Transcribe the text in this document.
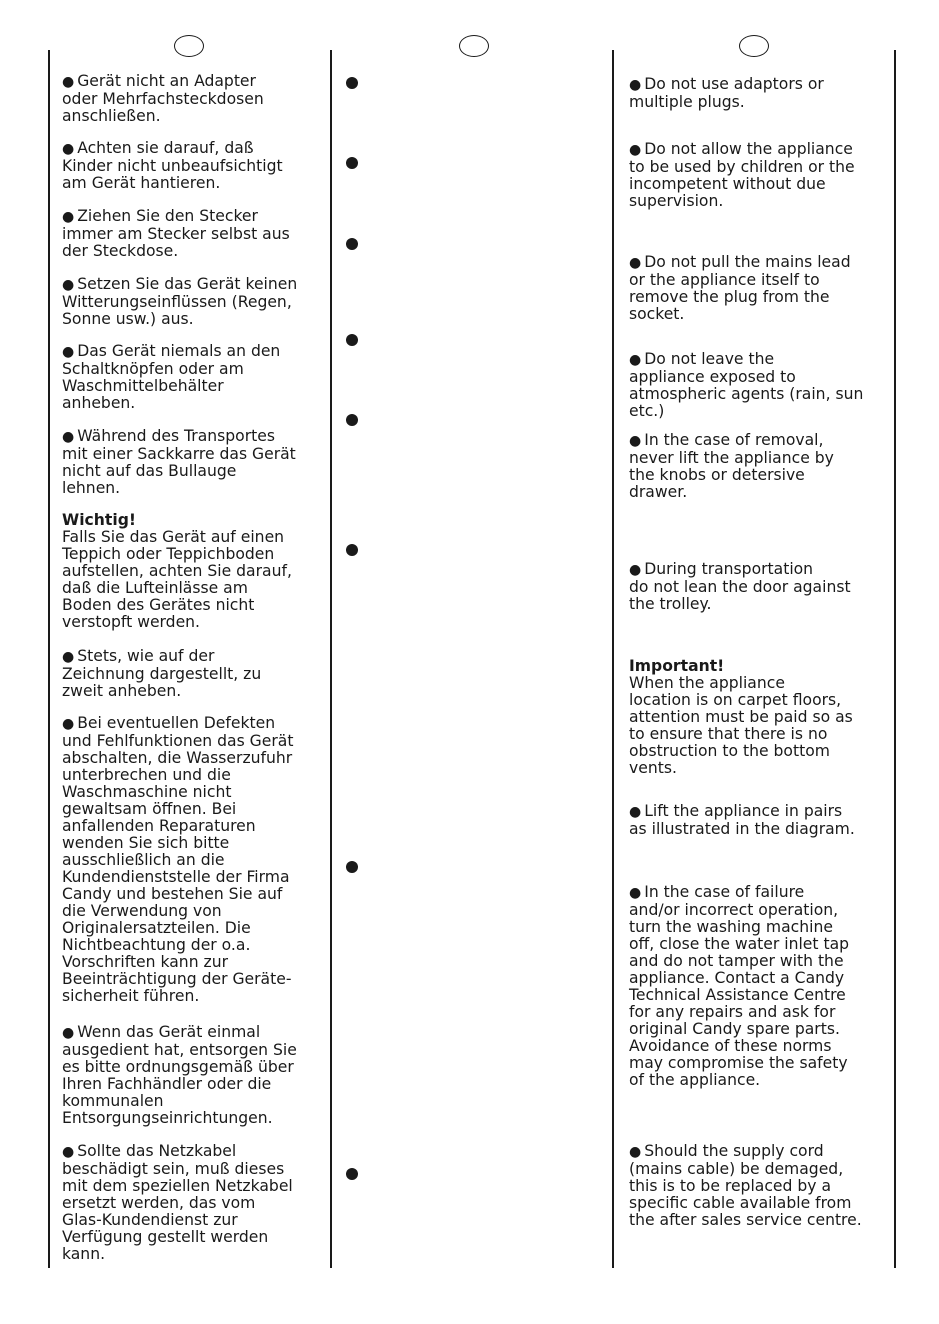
● Gerät nicht an Adapter
oder Mehrfachsteckdosen
anschließen.

● Achten sie darauf, daß
Kinder nicht unbeaufsichtigt
am Gerät hantieren.

● Ziehen Sie den Stecker
immer am Stecker selbst aus
der Steckdose.

● Setzen Sie das Gerät keinen
Witterungseinflüssen (Regen,
Sonne usw.) aus.

● Das Gerät niemals an den
Schaltknöpfen oder am
Waschmittelbehälter
anheben.

● Während des Transportes
mit einer Sackkarre das Gerät
nicht auf das Bullauge
lehnen.

Wichtig!
Falls Sie das Gerät auf einen
Teppich oder Teppichboden
aufstellen, achten Sie darauf,
daß die Lufteinlässe am
Boden des Gerätes nicht
verstopft werden.

● Stets, wie auf der
Zeichnung dargestellt, zu
zweit anheben.

● Bei eventuellen Defekten
und Fehlfunktionen das Gerät
abschalten, die Wasserzufuhr
unterbrechen und die
Waschmaschine nicht
gewaltsam öffnen. Bei
anfallenden Reparaturen
wenden Sie sich bitte
ausschließlich an die
Kundendienststelle der Firma
Candy und bestehen Sie auf
die Verwendung von
Originalersatzteilen. Die
Nichtbeachtung der o.a.
Vorschriften kann zur
Beeinträchtigung der Geräte-
sicherheit führen.

● Wenn das Gerät einmal
ausgedient hat, entsorgen Sie
es bitte ordnungsgemäß über
Ihren Fachhändler oder die
kommunalen
Entsorgungseinrichtungen.

● Sollte das Netzkabel
beschädigt sein, muß dieses
mit dem speziellen Netzkabel
ersetzt werden, das vom
Glas-Kundendienst zur
Verfügung gestellt werden
kann.

● Do not use adaptors or
multiple plugs.

● Do not allow the appliance
to be used by children or the
incompetent without due
supervision.

● Do not pull the mains lead
or the appliance itself to
remove the plug from the
socket.

● Do not leave the
appliance exposed to
atmospheric agents (rain, sun
etc.)

● In the case of removal,
never lift the appliance by
the knobs or detersive
drawer.

● During transportation
do not lean the door against
the trolley.

Important!
When the appliance
location is on carpet floors,
attention must be paid so as
to ensure that there is no
obstruction to the bottom
vents.

● Lift the appliance in pairs
as illustrated in the diagram.

● In the case of failure
and/or incorrect operation,
turn the washing machine
off, close the water inlet tap
and do not tamper with the
appliance. Contact a Candy
Technical Assistance Centre
for any repairs and ask for
original Candy spare parts.
Avoidance of these norms
may compromise the safety
of the appliance.

● Should the supply cord
(mains cable) be demaged,
this is to be replaced by a
specific cable available from
the after sales service centre.
